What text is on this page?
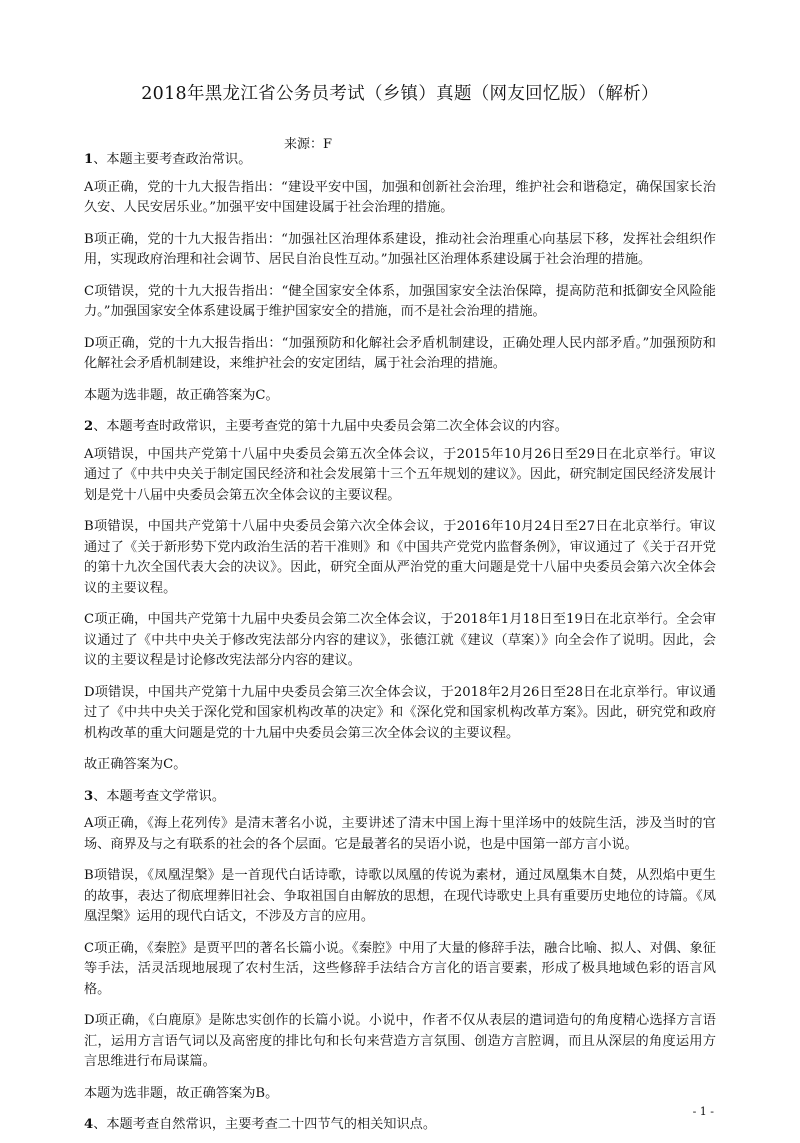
2018年黑龙江省公务员考试（乡镇）真题（网友回忆版）（解析）
来源：F
1、本题主要考查政治常识。
A项正确，党的十九大报告指出：“建设平安中国，加强和创新社会治理，维护社会和谐稳定，确保国家长治久安、人民安居乐业。”加强平安中国建设属于社会治理的措施。
B项正确，党的十九大报告指出：“加强社区治理体系建设，推动社会治理重心向基层下移，发挥社会组织作用，实现政府治理和社会调节、居民自治良性互动。”加强社区治理体系建设属于社会治理的措施。
C项错误，党的十九大报告指出：“健全国家安全体系，加强国家安全法治保障，提高防范和抵御安全风险能力。”加强国家安全体系建设属于维护国家安全的措施，而不是社会治理的措施。
D项正确，党的十九大报告指出：“加强预防和化解社会矛盾机制建设，正确处理人民内部矛盾。”加强预防和化解社会矛盾机制建设，来维护社会的安定团结，属于社会治理的措施。
本题为选非题，故正确答案为C。
2、本题考查时政常识，主要考查党的第十九届中央委员会第二次全体会议的内容。
A项错误，中国共产党第十八届中央委员会第五次全体会议，于2015年10月26日至29日在北京举行。审议通过了《中共中央关于制定国民经济和社会发展第十三个五年规划的建议》。因此，研究制定国民经济发展计划是党十八届中央委员会第五次全体会议的主要议程。
B项错误，中国共产党第十八届中央委员会第六次全体会议，于2016年10月24日至27日在北京举行。审议通过了《关于新形势下党内政治生活的若干准则》和《中国共产党党内监督条例》，审议通过了《关于召开党的第十九次全国代表大会的决议》。因此，研究全面从严治党的重大问题是党十八届中央委员会第六次全体会议的主要议程。
C项正确，中国共产党第十九届中央委员会第二次全体会议，于2018年1月18日至19日在北京举行。全会审议通过了《中共中央关于修改宪法部分内容的建议》，张德江就《建议（草案）》向全会作了说明。因此，会议的主要议程是讨论修改宪法部分内容的建议。
D项错误，中国共产党第十九届中央委员会第三次全体会议，于2018年2月26日至28日在北京举行。审议通过了《中共中央关于深化党和国家机构改革的决定》和《深化党和国家机构改革方案》。因此，研究党和政府机构改革的重大问题是党的十九届中央委员会第三次全体会议的主要议程。
故正确答案为C。
3、本题考查文学常识。
A项正确，《海上花列传》是清末著名小说，主要讲述了清末中国上海十里洋场中的妓院生活，涉及当时的官场、商界及与之有联系的社会的各个层面。它是最著名的吴语小说，也是中国第一部方言小说。
B项错误，《凤凰涅槃》是一首现代白话诗歌，诗歌以凤凰的传说为素材，通过凤凰集木自焚，从烈焰中更生的故事，表达了彻底埋葬旧社会、争取祖国自由解放的思想，在现代诗歌史上具有重要历史地位的诗篇。《凤凰涅槃》运用的现代白话文，不涉及方言的应用。
C项正确，《秦腔》是贾平凹的著名长篇小说。《秦腔》中用了大量的修辞手法，融合比喻、拟人、对偶、象征等手法，活灵活现地展现了农村生活，这些修辞手法结合方言化的语言要素，形成了极具地域色彩的语言风格。
D项正确，《白鹿原》是陈忠实创作的长篇小说。小说中，作者不仅从表层的遣词造句的角度精心选择方言语汇，运用方言语气词以及高密度的排比句和长句来营造方言氛围、创造方言腔调，而且从深层的角度运用方言思维进行布局谋篇。
本题为选非题，故正确答案为B。
4、本题考查自然常识，主要考查二十四节气的相关知识点。
- 1 -
